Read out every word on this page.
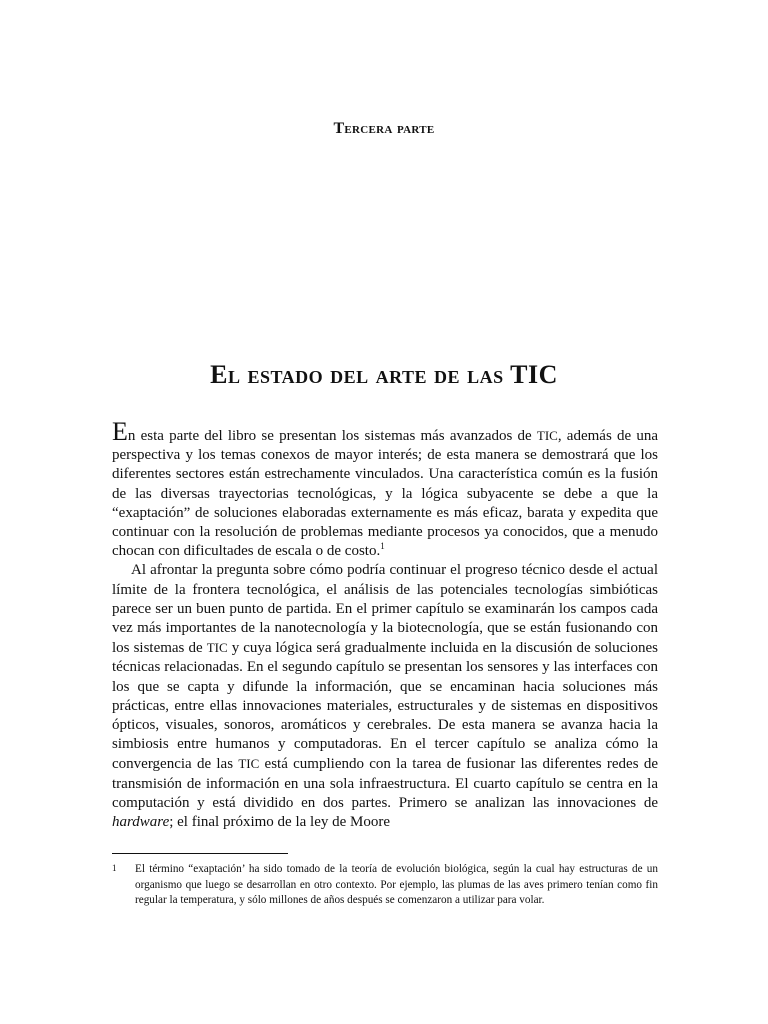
Tercera parte
El estado del arte de las TIC

En esta parte del libro se presentan los sistemas más avanzados de TIC, además de una perspectiva y los temas conexos de mayor interés; de esta manera se demostrará que los diferentes sectores están estrechamente vinculados. Una característica común es la fusión de las diversas trayectorias tecnológicas, y la lógica subyacente se debe a que la “exaptación” de soluciones elaboradas externamente es más eficaz, barata y expedita que continuar con la resolución de problemas mediante procesos ya conocidos, que a menudo chocan con dificultades de escala o de costo.$^1$

Al afrontar la pregunta sobre cómo podría continuar el progreso técnico desde el actual límite de la frontera tecnológica, el análisis de las potenciales tecnologías simbióticas parece ser un buen punto de partida. En el primer capítulo se examinarán los campos cada vez más importantes de la nanotecnología y la biotecnología, que se están fusionando con los sistemas de TIC y cuya lógica será gradualmente incluida en la discusión de soluciones técnicas relacionadas. En el segundo capítulo se presentan los sensores y las interfaces con los que se capta y difunde la información, que se encaminan hacia soluciones más prácticas, entre ellas innovaciones materiales, estructurales y de sistemas en dispositivos ópticos, visuales, sonoros, aromáticos y cerebrales. De esta manera se avanza hacia la simbiosis entre humanos y computadoras. En el tercer capítulo se analiza cómo la convergencia de las TIC está cumpliendo con la tarea de fusionar las diferentes redes de transmisión de información en una sola infraestructura. El cuarto capítulo se centra en la computación y está dividido en dos partes. Primero se analizan las innovaciones de hardware; el final próximo de la ley de Moore

1 El término “exaptación’ ha sido tomado de la teoría de evolución biológica, según la cual hay estructuras de un organismo que luego se desarrollan en otro contexto. Por ejemplo, las plumas de las aves primero tenían como fin regular la temperatura, y sólo millones de años después se comenzaron a utilizar para volar.
